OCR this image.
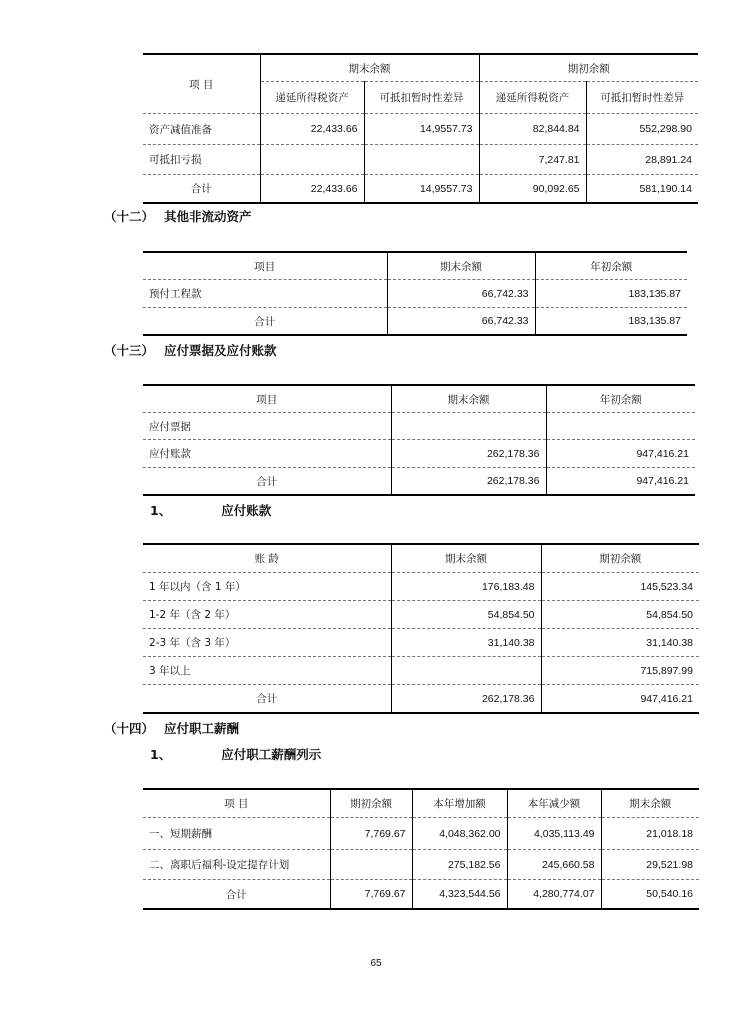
项 目	期末余额		期初余额	
	递延所得税资产	可抵扣暂时性差异	递延所得税资产	可抵扣暂时性差异
资产减值准备	22,433.66	14,9557.73	82,844.84	552,298.90
可抵扣亏损			7,247.81	28,891.24
合计	22,433.66	14,9557.73	90,092.65	581,190.14
（十二） 其他非流动资产
项目	期末余额	年初余额
预付工程款	66,742.33	183,135.87
合计	66,742.33	183,135.87
（十三） 应付票据及应付账款
项目	期末余额	年初余额
应付票据		
应付账款	262,178.36	947,416.21
合计	262,178.36	947,416.21
1、	应付账款
账 龄	期末余额	期初余额
1 年以内（含 1 年）	176,183.48	145,523.34
1-2 年（含 2 年）	54,854.50	54,854.50
2-3 年（含 3 年）	31,140.38	31,140.38
3 年以上		715,897.99
合计	262,178.36	947,416.21
（十四） 应付职工薪酬
1、	应付职工薪酬列示
项 目	期初余额	本年增加额	本年减少额	期末余额
一、短期薪酬	7,769.67	4,048,362.00	4,035,113.49	21,018.18
二、离职后福利-设定提存计划		275,182.56	245,660.58	29,521.98
合计	7,769.67	4,323,544.56	4,280,774.07	50,540.16
65
